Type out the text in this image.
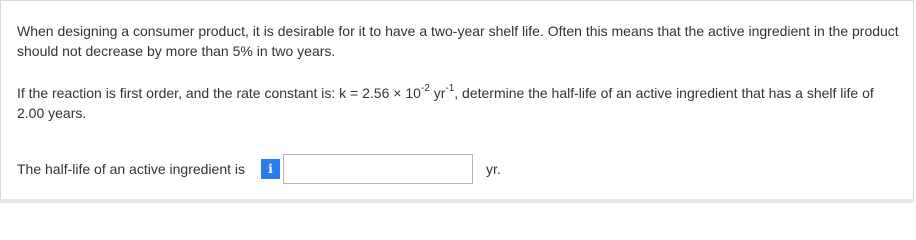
When designing a consumer product, it is desirable for it to have a two-year shelf life. Often this means that the active ingredient in the product should not decrease by more than 5% in two years.

If the reaction is first order, and the rate constant is: $k = 2.56 \times 10^{-2}$ $yr^{-1}$, determine the half-life of an active ingredient that has a shelf life of 2.00 years.

The half-life of an active ingredient is	i	yr.
